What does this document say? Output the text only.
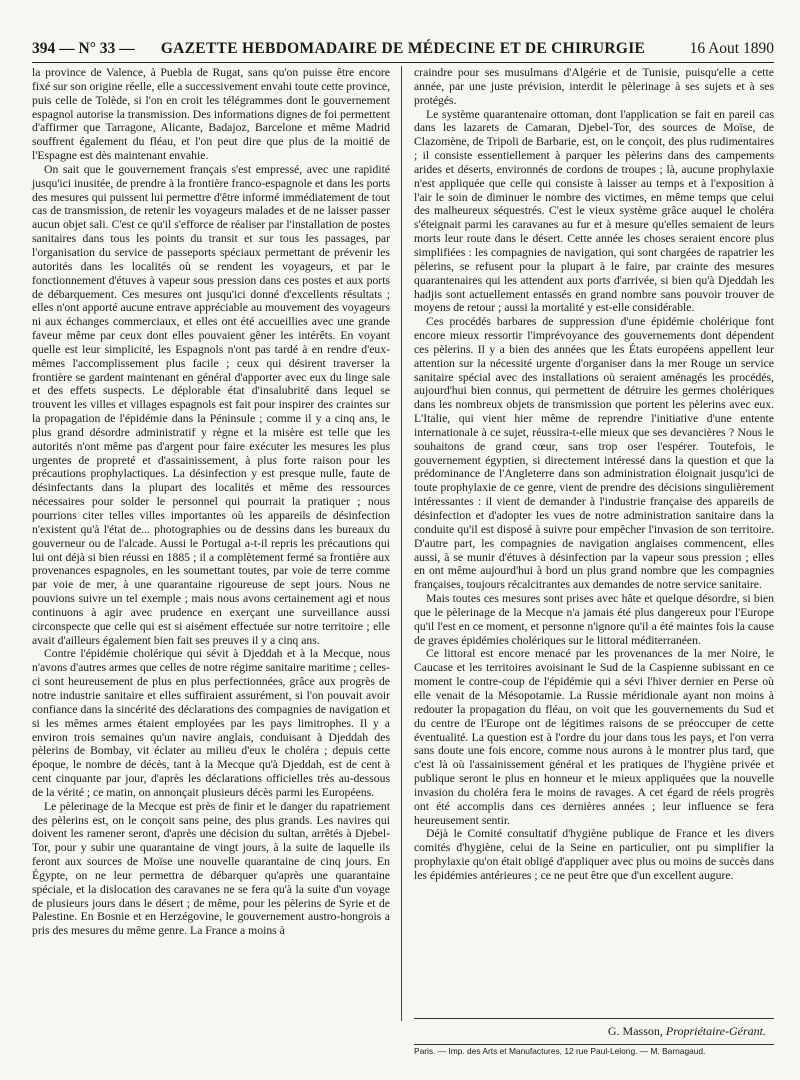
394 — N° 33 —	GAZETTE HEBDOMADAIRE DE MÉDECINE ET DE CHIRURGIE	16 Aout 1890

la province de Valence, à Puebla de Rugat, sans qu'on puisse être encore fixé sur son origine réelle, elle a successivement envahi toute cette province, puis celle de Tolède, si l'on en croit les télégrammes dont le gouvernement espagnol autorise la transmission. Des informations dignes de foi permettent d'affirmer que Tarragone, Alicante, Badajoz, Barcelone et même Madrid souffrent également du fléau, et l'on peut dire que plus de la moitié de l'Espagne est dès maintenant envahie.

On sait que le gouvernement français s'est empressé, avec une rapidité jusqu'ici inusitée, de prendre à la frontière franco-espagnole et dans les ports des mesures qui puissent lui permettre d'être informé immédiatement de tout cas de transmission, de retenir les voyageurs malades et de ne laisser passer aucun objet sali. C'est ce qu'il s'efforce de réaliser par l'installation de postes sanitaires dans tous les points du transit et sur tous les passages, par l'organisation du service de passeports spéciaux permettant de prévenir les autorités dans les localités où se rendent les voyageurs, et par le fonctionnement d'étuves à vapeur sous pression dans ces postes et aux ports de débarquement. Ces mesures ont jusqu'ici donné d'excellents résultats ; elles n'ont apporté aucune entrave appréciable au mouvement des voyageurs ni aux échanges commerciaux, et elles ont été accueillies avec une grande faveur même par ceux dont elles pouvaient gêner les intérêts. En voyant quelle est leur simplicité, les Espagnols n'ont pas tardé à en rendre d'eux-mêmes l'accomplissement plus facile ; ceux qui désirent traverser la frontière se gardent maintenant en général d'apporter avec eux du linge sale et des effets suspects. Le déplorable état d'insalubrité dans lequel se trouvent les villes et villages espagnols est fait pour inspirer des craintes sur la propagation de l'épidémie dans la Péninsule ; comme il y a cinq ans, le plus grand désordre administratif y règne et la misère est telle que les autorités n'ont même pas d'argent pour faire exécuter les mesures les plus urgentes de propreté et d'assainissement, à plus forte raison pour les précautions prophylactiques. La désinfection y est presque nulle, faute de désinfectants dans la plupart des localités et même des ressources nécessaires pour solder le personnel qui pourrait la pratiquer ; nous pourrions citer telles villes importantes où les appareils de désinfection n'existent qu'à l'état de... photographies ou de dessins dans les bureaux du gouverneur ou de l'alcade. Aussi le Portugal a-t-il repris les précautions qui lui ont déjà si bien réussi en 1885 ; il a complètement fermé sa frontière aux provenances espagnoles, en les soumettant toutes, par voie de terre comme par voie de mer, à une quarantaine rigoureuse de sept jours. Nous ne pouvions suivre un tel exemple ; mais nous avons certainement agi et nous continuons à agir avec prudence en exerçant une surveillance aussi circonspecte que celle qui est si aisément effectuée sur notre territoire ; elle avait d'ailleurs également bien fait ses preuves il y a cinq ans.

Contre l'épidémie cholérique qui sévit à Djeddah et à la Mecque, nous n'avons d'autres armes que celles de notre régime sanitaire maritime ; celles-ci sont heureusement de plus en plus perfectionnées, grâce aux progrès de notre industrie sanitaire et elles suffiraient assurément, si l'on pouvait avoir confiance dans la sincérité des déclarations des compagnies de navigation et si les mêmes armes étaient employées par les pays limitrophes. Il y a environ trois semaines qu'un navire anglais, conduisant à Djeddah des pèlerins de Bombay, vit éclater au milieu d'eux le choléra ; depuis cette époque, le nombre de décès, tant à la Mecque qu'à Djeddah, est de cent à cent cinquante par jour, d'après les déclarations officielles très au-dessous de la vérité ; ce matin, on annonçait plusieurs décès parmi les Européens.

Le pèlerinage de la Mecque est près de finir et le danger du rapatriement des pèlerins est, on le conçoit sans peine, des plus grands. Les navires qui doivent les ramener seront, d'après une décision du sultan, arrêtés à Djebel-Tor, pour y subir une quarantaine de vingt jours, à la suite de laquelle ils feront aux sources de Moïse une nouvelle quarantaine de cinq jours. En Égypte, on ne leur permettra de débarquer qu'après une quarantaine spéciale, et la dislocation des caravanes ne se fera qu'à la suite d'un voyage de plusieurs jours dans le désert ; de même, pour les pèlerins de Syrie et de Palestine. En Bosnie et en Herzégovine, le gouvernement austro-hongrois a pris des mesures du même genre. La France a moins à

craindre pour ses musulmans d'Algérie et de Tunisie, puisqu'elle a cette année, par une juste prévision, interdit le pèlerinage à ses sujets et à ses protégés.

Le système quarantenaire ottoman, dont l'application se fait en pareil cas dans les lazarets de Camaran, Djebel-Tor, des sources de Moïse, de Clazomène, de Tripoli de Barbarie, est, on le conçoit, des plus rudimentaires ; il consiste essentiellement à parquer les pèlerins dans des campements arides et déserts, environnés de cordons de troupes ; là, aucune prophylaxie n'est appliquée que celle qui consiste à laisser au temps et à l'exposition à l'air le soin de diminuer le nombre des victimes, en même temps que celui des malheureux séquestrés. C'est le vieux système grâce auquel le choléra s'éteignait parmi les caravanes au fur et à mesure qu'elles semaient de leurs morts leur route dans le désert. Cette année les choses seraient encore plus simplifiées : les compagnies de navigation, qui sont chargées de rapatrier les pèlerins, se refusent pour la plupart à le faire, par crainte des mesures quarantenaires qui les attendent aux ports d'arrivée, si bien qu'à Djeddah les hadjis sont actuellement entassés en grand nombre sans pouvoir trouver de moyens de retour ; aussi la mortalité y est-elle considérable.

Ces procédés barbares de suppression d'une épidémie cholérique font encore mieux ressortir l'imprévoyance des gouvernements dont dépendent ces pèlerins. Il y a bien des années que les États européens appellent leur attention sur la nécessité urgente d'organiser dans la mer Rouge un service sanitaire spécial avec des installations où seraient aménagés les procédés, aujourd'hui bien connus, qui permettent de détruire les germes cholériques dans les nombreux objets de transmission que portent les pèlerins avec eux. L'Italie, qui vient hier même de reprendre l'initiative d'une entente internationale à ce sujet, réussira-t-elle mieux que ses devancières ? Nous le souhaitons de grand cœur, sans trop oser l'espérer. Toutefois, le gouvernement égyptien, si directement intéressé dans la question et que la prédominance de l'Angleterre dans son administration éloignait jusqu'ici de toute prophylaxie de ce genre, vient de prendre des décisions singulièrement intéressantes : il vient de demander à l'industrie française des appareils de désinfection et d'adopter les vues de notre administration sanitaire dans la conduite qu'il est disposé à suivre pour empêcher l'invasion de son territoire. D'autre part, les compagnies de navigation anglaises commencent, elles aussi, à se munir d'étuves à désinfection par la vapeur sous pression ; elles en ont même aujourd'hui à bord un plus grand nombre que les compagnies françaises, toujours récalcitrantes aux demandes de notre service sanitaire.

Mais toutes ces mesures sont prises avec hâte et quelque désordre, si bien que le pèlerinage de la Mecque n'a jamais été plus dangereux pour l'Europe qu'il l'est en ce moment, et personne n'ignore qu'il a été maintes fois la cause de graves épidémies cholériques sur le littoral méditerranéen.

Ce littoral est encore menacé par les provenances de la mer Noire, le Caucase et les territoires avoisinant le Sud de la Caspienne subissant en ce moment le contre-coup de l'épidémie qui a sévi l'hiver dernier en Perse où elle venait de la Mésopotamie. La Russie méridionale ayant non moins à redouter la propagation du fléau, on voit que les gouvernements du Sud et du centre de l'Europe ont de légitimes raisons de se préoccuper de cette éventualité. La question est à l'ordre du jour dans tous les pays, et l'on verra sans doute une fois encore, comme nous aurons à le montrer plus tard, que c'est là où l'assainissement général et les pratiques de l'hygiène privée et publique seront le plus en honneur et le mieux appliquées que la nouvelle invasion du choléra fera le moins de ravages. A cet égard de réels progrès ont été accomplis dans ces dernières années ; leur influence se fera heureusement sentir.

Déjà le Comité consultatif d'hygiène publique de France et les divers comités d'hygiène, celui de la Seine en particulier, ont pu simplifier la prophylaxie qu'on était obligé d'appliquer avec plus ou moins de succès dans les épidémies antérieures ; ce ne peut être que d'un excellent augure.

G. Masson, Propriétaire-Gérant.
Paris. — Imp. des Arts et Manufactures, 12 rue Paul-Lelong. — M. Barnagaud.
